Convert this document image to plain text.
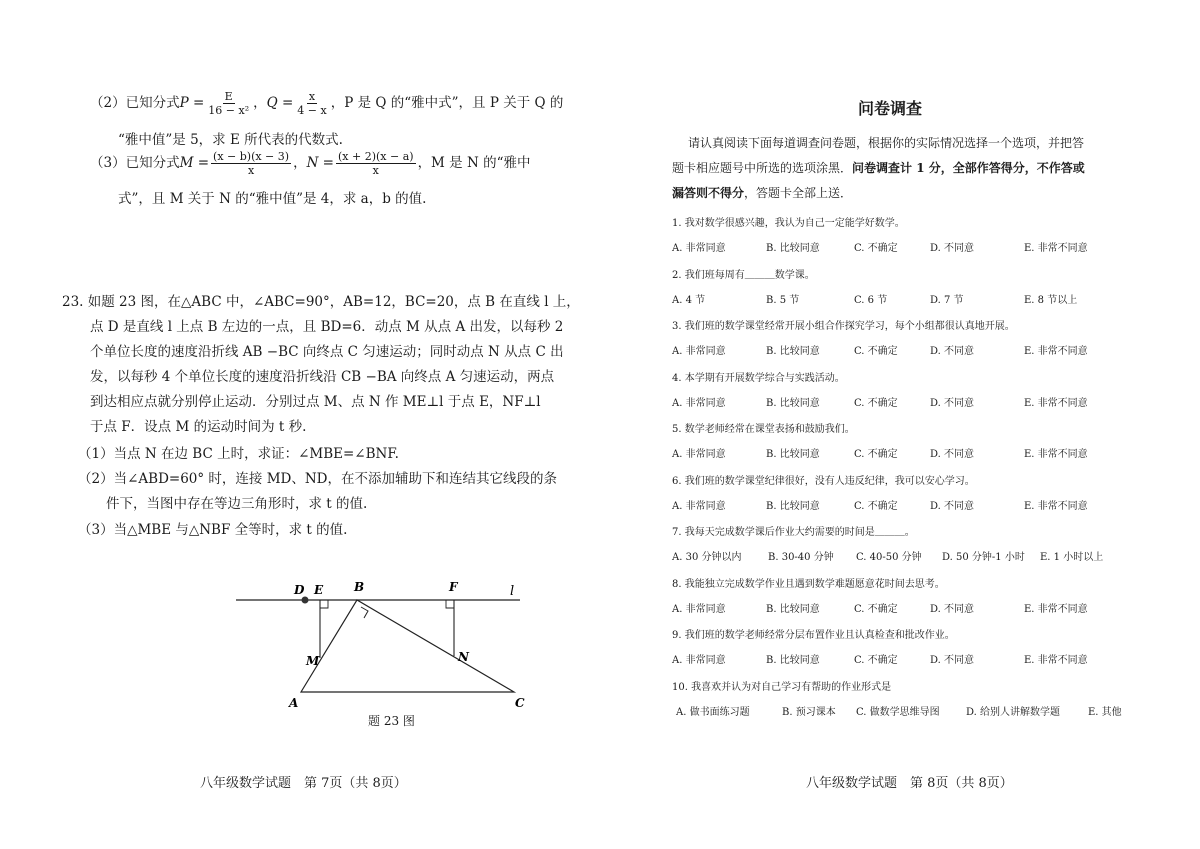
（2）已知分式$P = \frac{E}{\text{16 − x²}}$ ，$Q = \frac{x}{4 - x}$ ，P 是 Q 的“雅中式”，且 P 关于 Q 的
“雅中值”是 5，求 E 所代表的代数式.
（3）已知分式$M = \frac{(x - b)(x - 3)}{x}$ ，$N = \frac{(x + 2)(x - a)}{x}$ ，M 是 N 的“雅中
式”，且 M 关于 N 的“雅中值”是 4，求 a，b 的值.
23. 如题 23 图，在△ABC 中，∠ABC=90°，AB=12，BC=20，点 B 在直线 l 上，
点 D 是直线 l 上点 B 左边的一点，且 BD=6．动点 M 从点 A 出发，以每秒 2
个单位长度的速度沿折线 AB −BC 向终点 C 匀速运动；同时动点 N 从点 C 出
发，以每秒 4 个单位长度的速度沿折线沿 CB −BA 向终点 A 匀速运动，两点
到达相应点就分别停止运动．分别过点 M、点 N 作 ME⊥l 于点 E，NF⊥l
于点 F．设点 M 的运动时间为 t 秒.
（1）当点 N 在边 BC 上时，求证：∠MBE=∠BNF.
（2）当∠ABD=60° 时，连接 MD、ND，在不添加辅助下和连结其它线段的条
件下，当图中存在等边三角形时，求 t 的值.
（3）当△MBE 与△NBF 全等时，求 t 的值.
D E	B	F	l
M	N
A	C
题 23 图
八年级数学试题　第 7页（共 8页）
问卷调查
请认真阅读下面每道调查问卷题，根据你的实际情况选择一个选项，并把答
题卡相应题号中所选的选项涂黑．问卷调查计 1 分，全部作答得分，不作答或
漏答则不得分，答题卡全部上送．
1. 我对数学很感兴趣，我认为自己一定能学好数学。
A. 非常同意	B. 比较同意	C. 不确定	D. 不同意	E. 非常不同意
2. 我们班每周有＿＿＿数学课。
A. 4 节	B. 5 节	C. 6 节	D. 7 节	E. 8 节以上
3. 我们班的数学课堂经常开展小组合作探究学习，每个小组都很认真地开展。
A. 非常同意	B. 比较同意	C. 不确定	D. 不同意	E. 非常不同意
4. 本学期有开展数学综合与实践活动。
A. 非常同意	B. 比较同意	C. 不确定	D. 不同意	E. 非常不同意
5. 数学老师经常在课堂表扬和鼓励我们。
A. 非常同意	B. 比较同意	C. 不确定	D. 不同意	E. 非常不同意
6. 我们班的数学课堂纪律很好，没有人违反纪律，我可以安心学习。
A. 非常同意	B. 比较同意	C. 不确定	D. 不同意	E. 非常不同意
7. 我每天完成数学课后作业大约需要的时间是＿＿＿。
A. 30 分钟以内	B. 30-40 分钟 C. 40-50 分钟 D. 50 分钟-1 小时 E. 1 小时以上
8. 我能独立完成数学作业且遇到数学难题愿意花时间去思考。
A. 非常同意	B. 比较同意	C. 不确定	D. 不同意	E. 非常不同意
9. 我们班的数学老师经常分层布置作业且认真检查和批改作业。
A. 非常同意	B. 比较同意	C. 不确定	D. 不同意	E. 非常不同意
10. 我喜欢并认为对自己学习有帮助的作业形式是
A. 做书面练习题	B. 预习课本 C. 做数学思维导图	D. 给别人讲解数学题	E. 其他
八年级数学试题　第 8页（共 8页）
